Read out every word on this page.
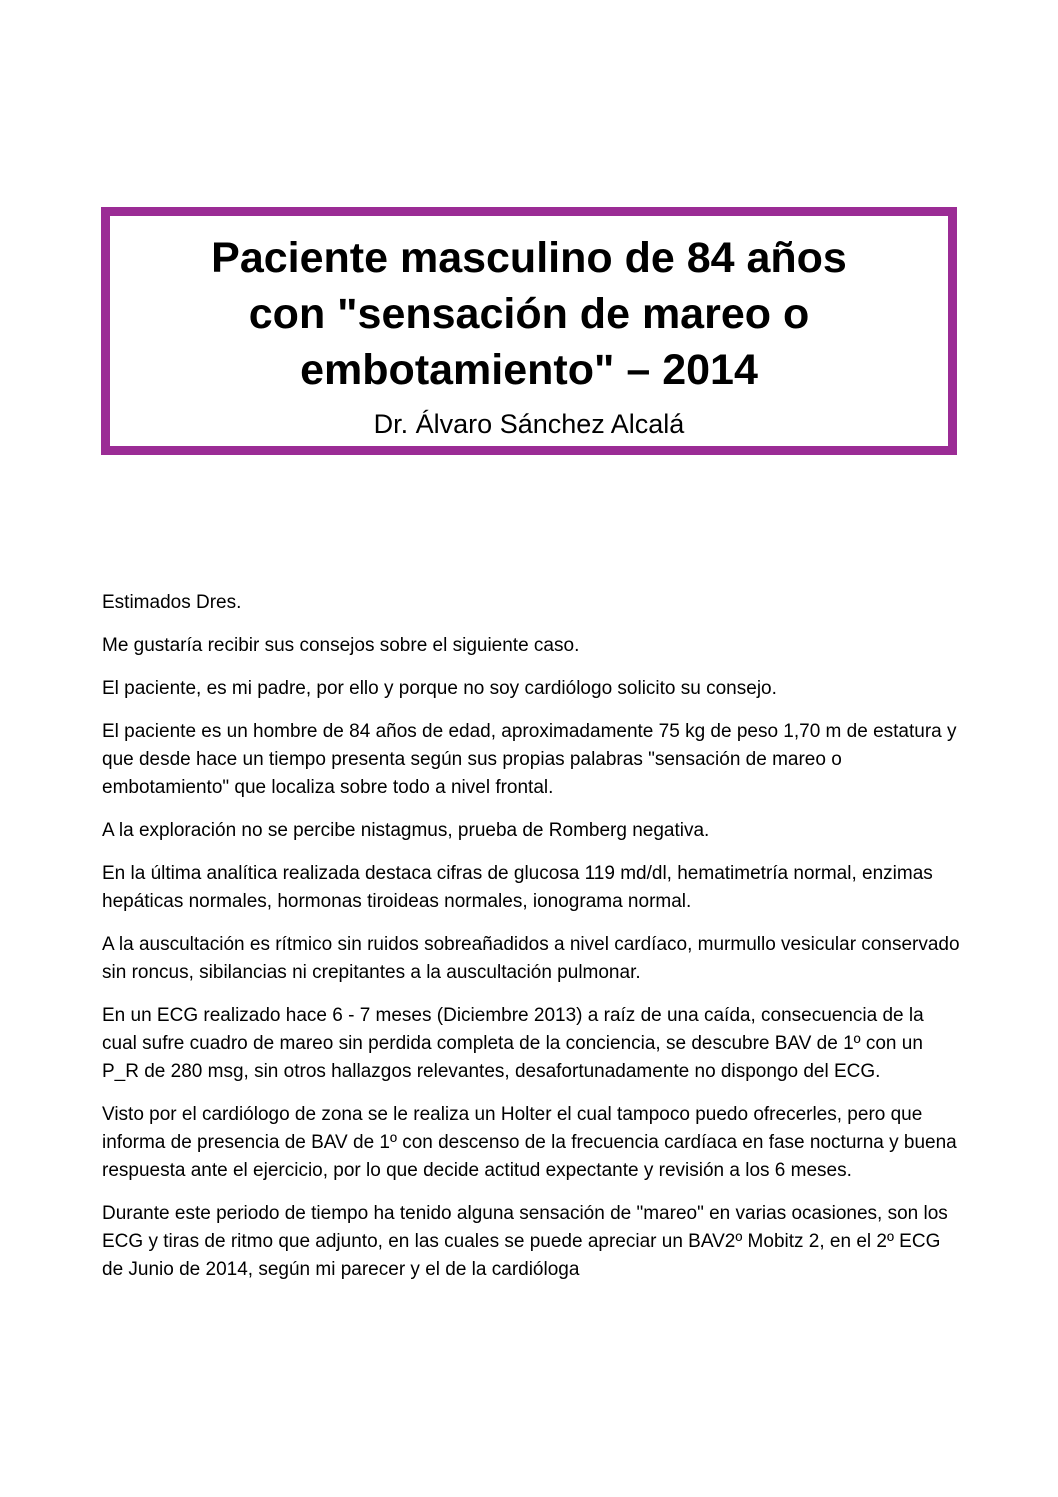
Paciente masculino de 84 años
con "sensación de mareo o
embotamiento" – 2014

Dr. Álvaro Sánchez Alcalá

Estimados Dres.

Me gustaría recibir sus consejos sobre el siguiente caso.

El paciente, es mi padre, por ello y porque no soy cardiólogo solicito su consejo.

El paciente es un hombre de 84 años de edad, aproximadamente 75 kg de peso 1,70 m de estatura y que desde hace un tiempo presenta según sus propias palabras "sensación de mareo o embotamiento" que localiza sobre todo a nivel frontal.

A la exploración no se percibe nistagmus, prueba de Romberg negativa.

En la última analítica realizada destaca cifras de glucosa 119 md/dl, hematimetría normal, enzimas hepáticas normales, hormonas tiroideas normales, ionograma normal.

A la auscultación es rítmico sin ruidos sobreañadidos a nivel cardíaco, murmullo vesicular conservado sin roncus, sibilancias ni crepitantes a la auscultación pulmonar.

En un ECG realizado hace 6 - 7 meses (Diciembre 2013) a raíz de una caída, consecuencia de la cual sufre cuadro de mareo sin perdida completa de la conciencia, se descubre BAV de 1º con un P_R de 280 msg, sin otros hallazgos relevantes, desafortunadamente no dispongo del ECG.

Visto por el cardiólogo de zona se le realiza un Holter el cual tampoco puedo ofrecerles, pero que informa de presencia de BAV de 1º con descenso de la frecuencia cardíaca en fase nocturna y buena respuesta ante el ejercicio, por lo que decide actitud expectante y revisión a los 6 meses.

Durante este periodo de tiempo ha tenido alguna sensación de "mareo" en varias ocasiones, son los ECG y tiras de ritmo que adjunto, en las cuales se puede apreciar un BAV2º Mobitz 2, en el 2º ECG de Junio de 2014, según mi parecer y el de la cardióloga
